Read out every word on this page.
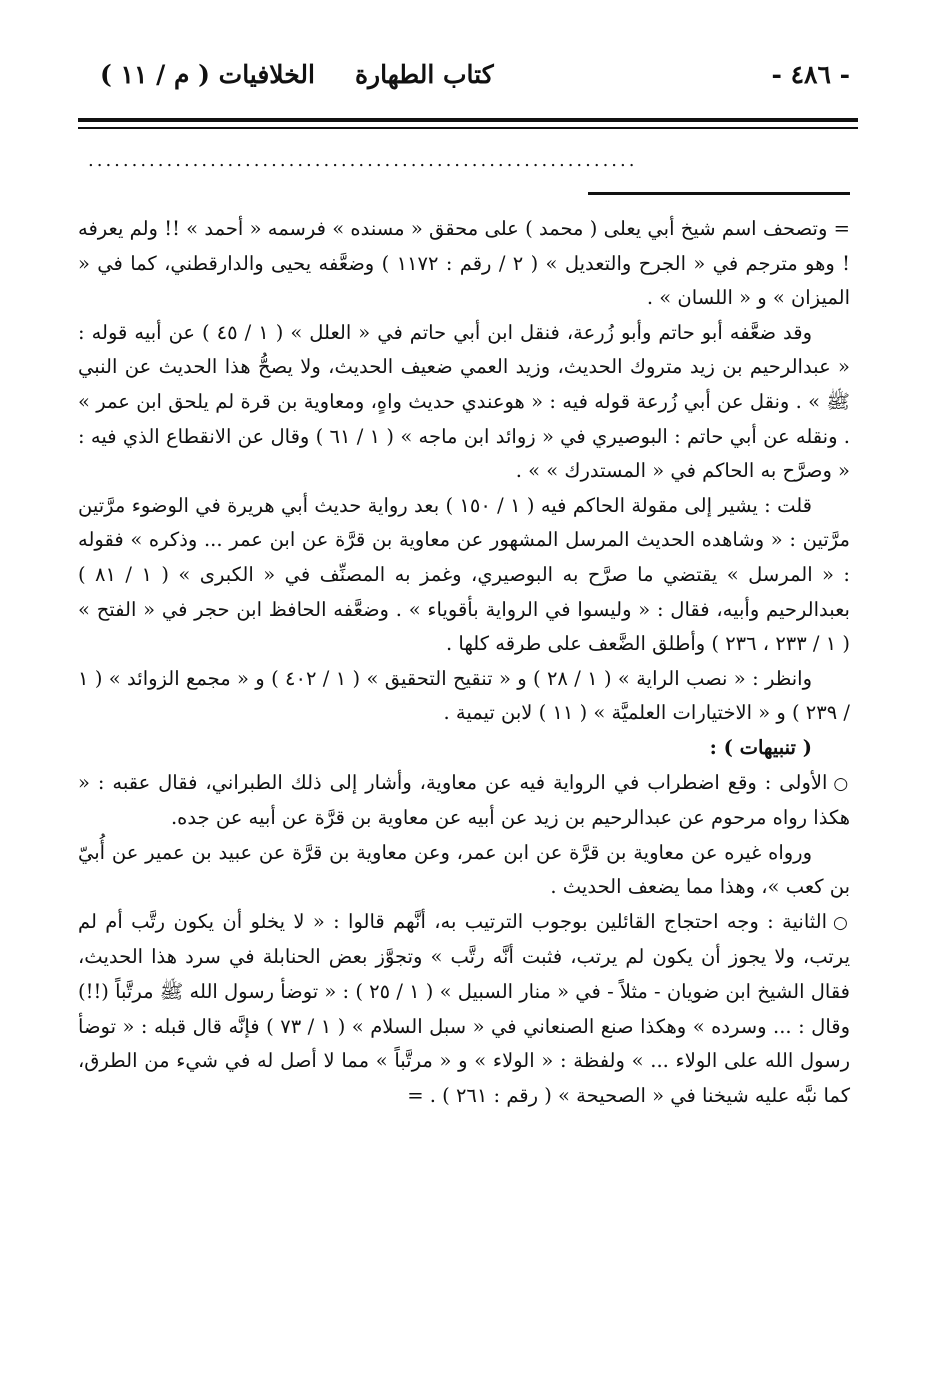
- ٤٨٦ -
كتاب الطهارة
الخلافيات ( م / ١١ )
...............................................................

= وتصحف اسم شيخ أبي يعلى ( محمد ) على محقق « مسنده » فرسمه « أحمد » !! ولم يعرفه ! وهو مترجم في « الجرح والتعديل » ( ٢ / رقم : ١١٧٢ ) وضعَّفه يحيى والدارقطني، كما في « الميزان » و « اللسان » .

وقد ضعَّفه أبو حاتم وأبو زُرعة، فنقل ابن أبي حاتم في « العلل » ( ١ / ٤٥ ) عن أبيه قوله : « عبدالرحيم بن زيد متروك الحديث، وزيد العمي ضعيف الحديث، ولا يصحُّ هذا الحديث عن النبي ﷺ » . ونقل عن أبي زُرعة قوله فيه : « هوعندي حديث واهٍ، ومعاوية بن قرة لم يلحق ابن عمر » . ونقله عن أبي حاتم : البوصيري في « زوائد ابن ماجه » ( ١ / ٦١ ) وقال عن الانقطاع الذي فيه : « وصرَّح به الحاكم في « المستدرك » » .

قلت : يشير إلى مقولة الحاكم فيه ( ١ / ١٥٠ ) بعد رواية حديث أبي هريرة في الوضوء مرَّتين مرَّتين : « وشاهده الحديث المرسل المشهور عن معاوية بن قرَّة عن ابن عمر ... وذكره » فقوله : « المرسل » يقتضي ما صرَّح به البوصيري، وغمز به المصنِّف في « الكبرى » ( ١ / ٨١ ) بعبدالرحيم وأبيه، فقال : « وليسوا في الرواية بأقوياء » . وضعَّفه الحافظ ابن حجر في « الفتح » ( ١ / ٢٣٣ ، ٢٣٦ ) وأطلق الضَّعف على طرقه كلها .

وانظر : « نصب الراية » ( ١ / ٢٨ ) و « تنقيح التحقيق » ( ١ / ٤٠٢ ) و « مجمع الزوائد » ( ١ / ٢٣٩ ) و « الاختيارات العلميَّة » ( ١١ ) لابن تيمية .

( تنبيهات ) :

○الأولى : وقع اضطراب في الرواية فيه عن معاوية، وأشار إلى ذلك الطبراني، فقال عقبه : « هكذا رواه مرحوم عن عبدالرحيم بن زيد عن أبيه عن معاوية بن قرَّة عن أبيه عن جده.

ورواه غيره عن معاوية بن قرَّة عن ابن عمر، وعن معاوية بن قرَّة عن عبيد بن عمير عن أُبيّ بن كعب »، وهذا مما يضعف الحديث .

○الثانية : وجه احتجاج القائلين بوجوب الترتيب به، أنَّهم قالوا : « لا يخلو أن يكون رتَّب أم لم يرتب، ولا يجوز أن يكون لم يرتب، فثبت أنَّه رتَّب » وتجوَّز بعض الحنابلة في سرد هذا الحديث، فقال الشيخ ابن ضويان - مثلاً - في « منار السبيل » ( ١ / ٢٥ ) : « توضأ رسول الله ﷺ مرتَّباً (!!) وقال : ... وسرده » وهكذا صنع الصنعاني في « سبل السلام » ( ١ / ٧٣ ) فإنَّه قال قبله : « توضأ رسول الله على الولاء ... » ولفظة : « الولاء » و « مرتَّباً » مما لا أصل له في شيء من الطرق، كما نبَّه عليه شيخنا في « الصحيحة » ( رقم : ٢٦١ ) . =
